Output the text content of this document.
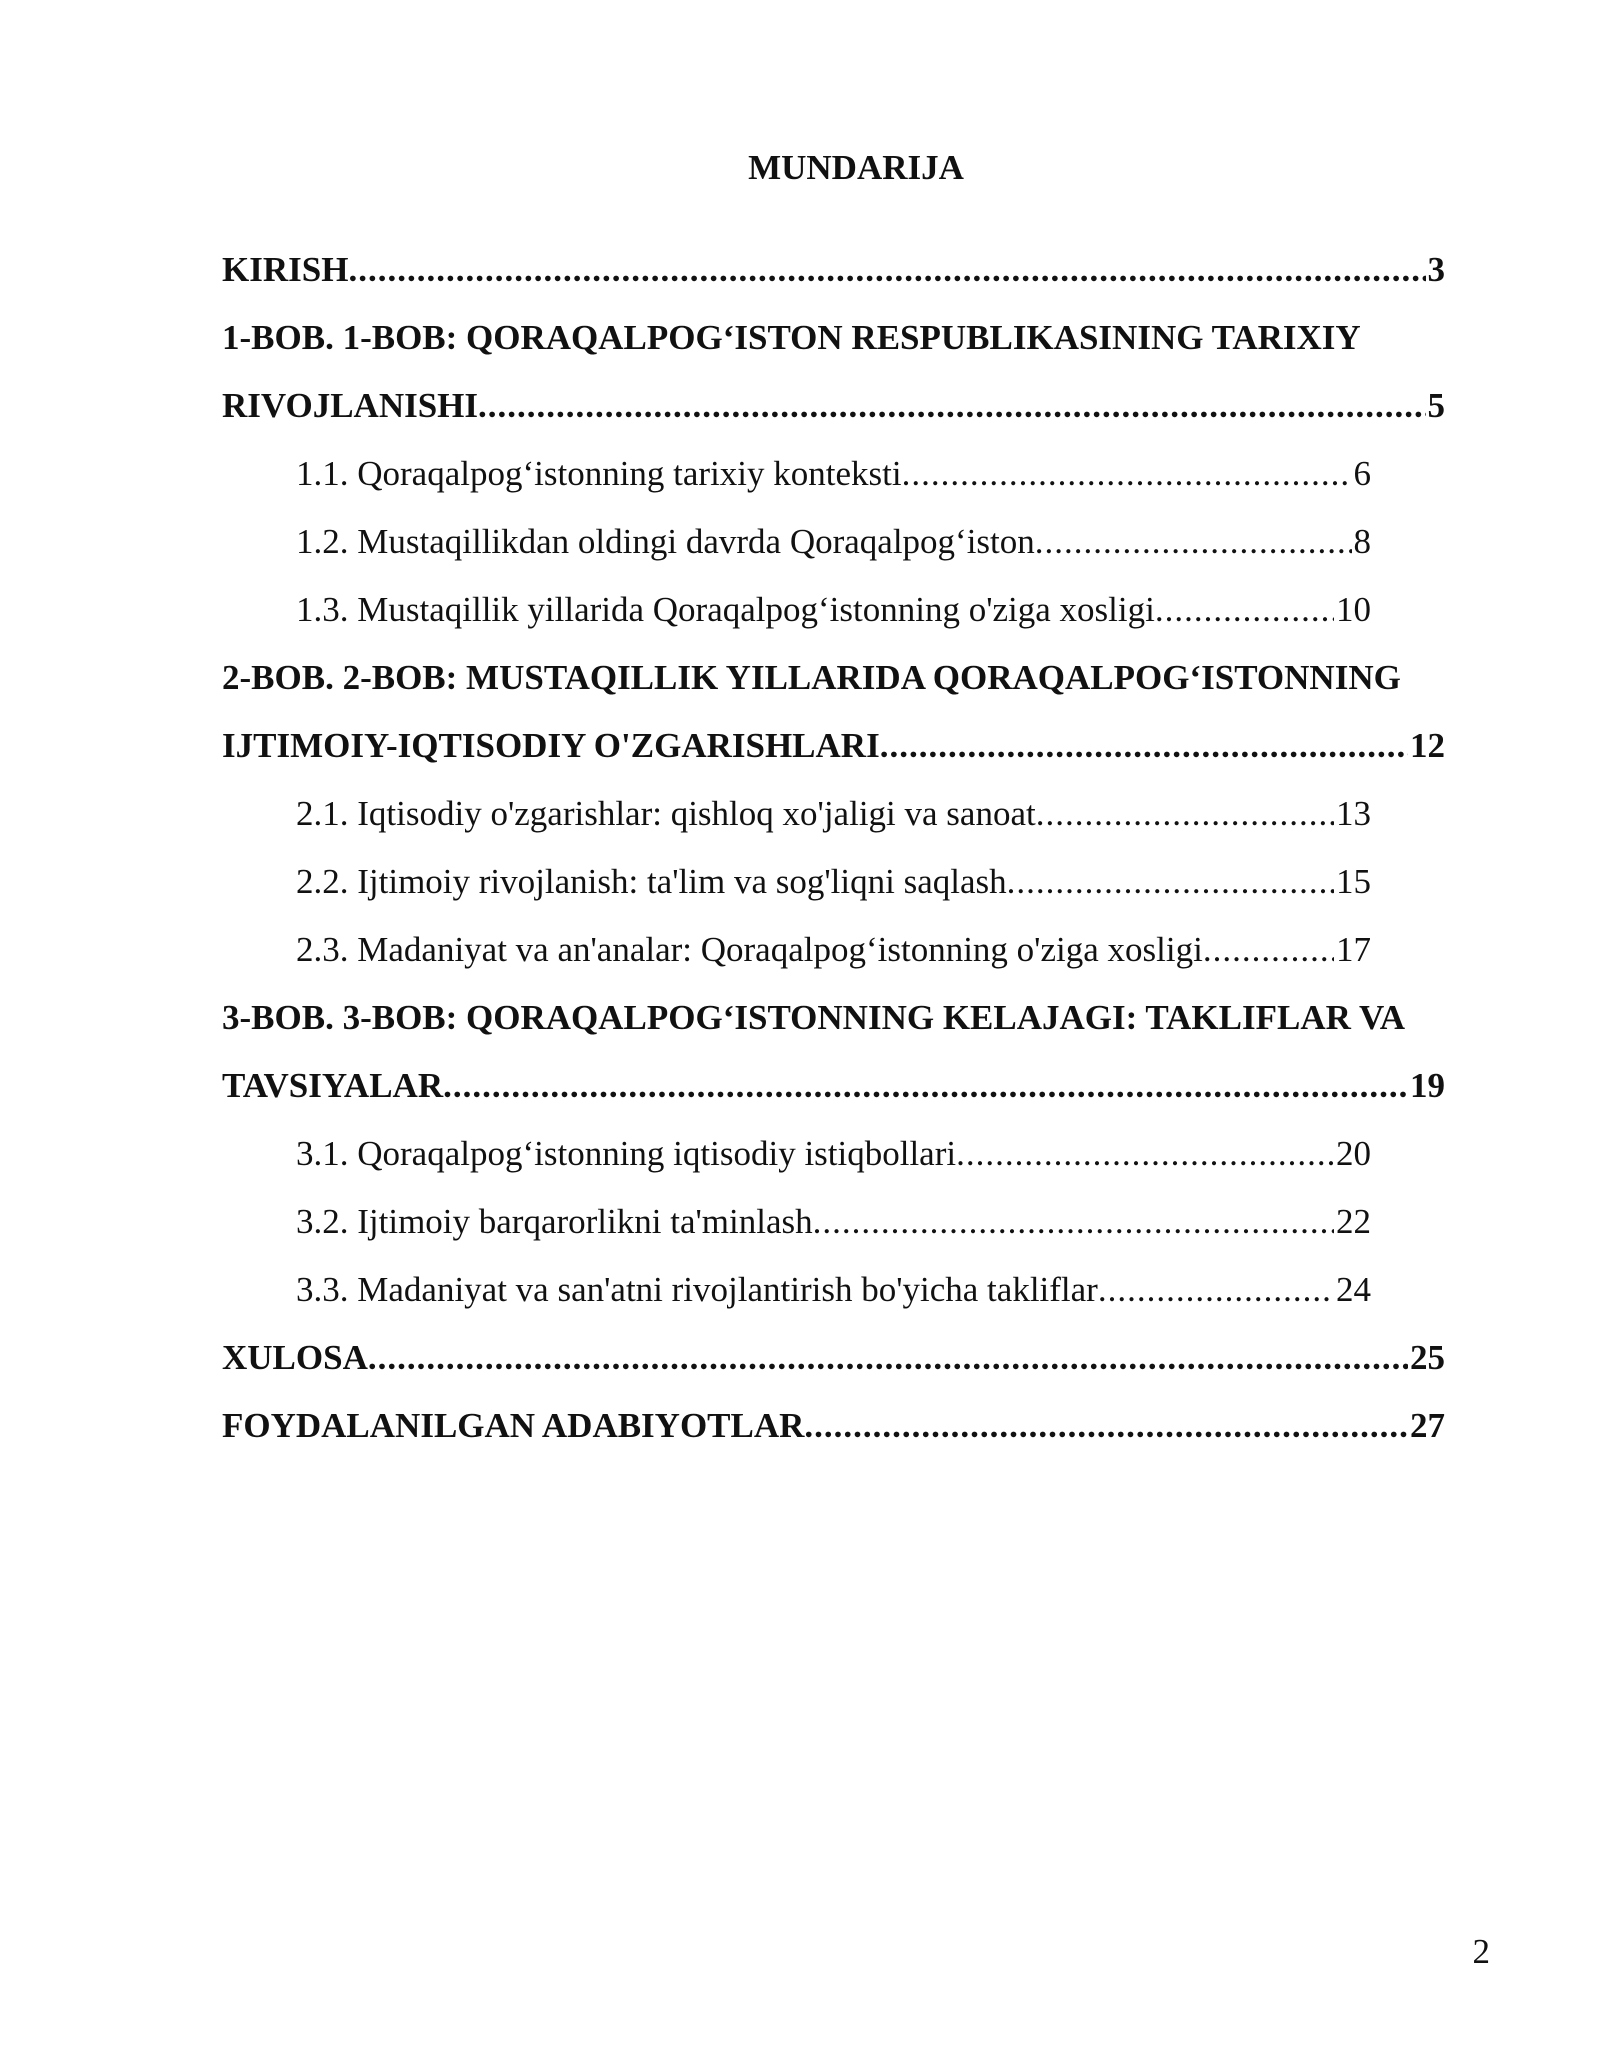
MUNDARIJA
KIRISH .....	3
1-BOB. 1-BOB: QORAQALPOG‘ISTON RESPUBLIKASINING TARIXIY
RIVOJLANISHI .....	5
1.1. Qoraqalpog‘istonning tarixiy konteksti .....	6
1.2. Mustaqillikdan oldingi davrda Qoraqalpog‘iston .....	8
1.3. Mustaqillik yillarida Qoraqalpog‘istonning o'ziga xosligi .....	10
2-BOB. 2-BOB: MUSTAQILLIK YILLARIDA QORAQALPOG‘ISTONNING
IJTIMOIY-IQTISODIY O'ZGARISHLARI .....	12
2.1. Iqtisodiy o'zgarishlar: qishloq xo'jaligi va sanoat .....	13
2.2. Ijtimoiy rivojlanish: ta'lim va sog'liqni saqlash .....	15
2.3. Madaniyat va an'analar: Qoraqalpog‘istonning o'ziga xosligi .....	17
3-BOB. 3-BOB: QORAQALPOG‘ISTONNING KELAJAGI: TAKLIFLAR VA
TAVSIYALAR .....	19
3.1. Qoraqalpog‘istonning iqtisodiy istiqbollari .....	20
3.2. Ijtimoiy barqarorlikni ta'minlash .....	22
3.3. Madaniyat va san'atni rivojlantirish bo'yicha takliflar .....	24
XULOSA .....	25
FOYDALANILGAN ADABIYOTLAR .....	27
2
